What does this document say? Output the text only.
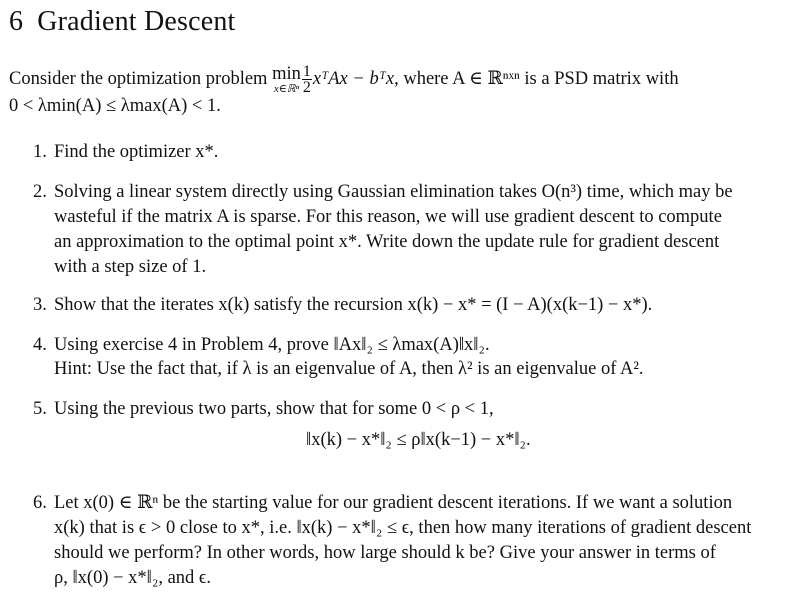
6 Gradient Descent
Consider the optimization problem min
x∈ℝⁿ $\frac{1}{2}$ xᵀAx − bᵀx, where A ∈ ℝⁿˣⁿ is a PSD matrix with
0 < λmin(A) ≤ λmax(A) < 1.
1. Find the optimizer x*.
2. Solving a linear system directly using Gaussian elimination takes O(n³) time, which may be
wasteful if the matrix A is sparse. For this reason, we will use gradient descent to compute
an approximation to the optimal point x*. Write down the update rule for gradient descent
with a step size of 1.
3. Show that the iterates x(k) satisfy the recursion x(k) − x* = (I − A)(x(k−1) − x*).
4. Using exercise 4 in Problem 4, prove ‖Ax‖₂ ≤ λmax(A)‖x‖₂.
Hint: Use the fact that, if λ is an eigenvalue of A, then λ² is an eigenvalue of A².
5. Using the previous two parts, show that for some 0 < ρ < 1,
‖x(k) − x*‖₂ ≤ ρ‖x(k−1) − x*‖₂.
6. Let x(0) ∈ ℝⁿ be the starting value for our gradient descent iterations. If we want a solution
x(k) that is ϵ > 0 close to x*, i.e. ‖x(k) − x*‖₂ ≤ ϵ, then how many iterations of gradient descent
should we perform? In other words, how large should k be? Give your answer in terms of
ρ, ‖x(0) − x*‖₂, and ϵ.
